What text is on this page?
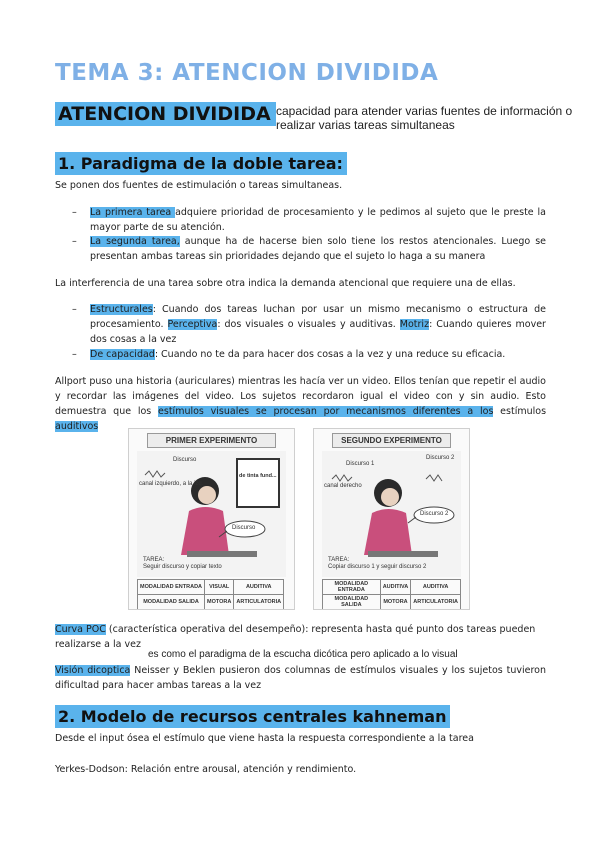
TEMA 3: ATENCION DIVIDIDA
ATENCION DIVIDIDA capacidad para atender varias fuentes de información o realizar varias tareas simultaneas
1. Paradigma de la doble tarea:
Se ponen dos fuentes de estimulación o tareas simultaneas.
– La primera tarea adquiere prioridad de procesamiento y le pedimos al sujeto que le preste la mayor parte de su atención.
– La segunda tarea, aunque ha de hacerse bien solo tiene los restos atencionales. Luego se presentan ambas tareas sin prioridades dejando que el sujeto lo haga a su manera
La interferencia de una tarea sobre otra indica la demanda atencional que requiere una de ellas.
– Estructurales: Cuando dos tareas luchan por usar un mismo mecanismo o estructura de procesamiento. Perceptiva: dos visuales o visuales y auditivas. Motriz: Cuando quieres mover dos cosas a la vez
– De capacidad: Cuando no te da para hacer dos cosas a la vez y una reduce su eficacia.
Allport puso una historia (auriculares) mientras les hacía ver un video. Ellos tenían que repetir el audio y recordar las imágenes del video. Los sujetos recordaron igual el video con y sin audio. Esto demuestra que los estímulos visuales se procesan por mecanismos diferentes a los estímulos auditivos
PRIMER EXPERIMENTO
Discurso
canal izquierdo, a la izq.
de tinta fund...
Discurso
TAREA:
Seguir discurso y copiar texto
MODALIDAD ENTRADA	VISUAL	AUDITIVA
MODALIDAD SALIDA	MOTORA	ARTICULATORIA
SEGUNDO EXPERIMENTO
Discurso 1
canal derecho
Discurso 2
Discurso 2
TAREA:
Copiar discurso 1 y seguir discurso 2
MODALIDAD ENTRADA	AUDITIVA	AUDITIVA
MODALIDAD SALIDA	MOTORA	ARTICULATORIA
Curva POC (característica operativa del desempeño): representa hasta qué punto dos tareas pueden realizarse a la vez
es como el paradigma de la escucha dicótica pero aplicado a lo visual
Visión dicoptica Neisser y Beklen pusieron dos columnas de estímulos visuales y los sujetos tuvieron dificultad para hacer ambas tareas a la vez
2. Modelo de recursos centrales kahneman
Desde el input ósea el estímulo que viene hasta la respuesta correspondiente a la tarea
Yerkes-Dodson: Relación entre arousal, atención y rendimiento.
